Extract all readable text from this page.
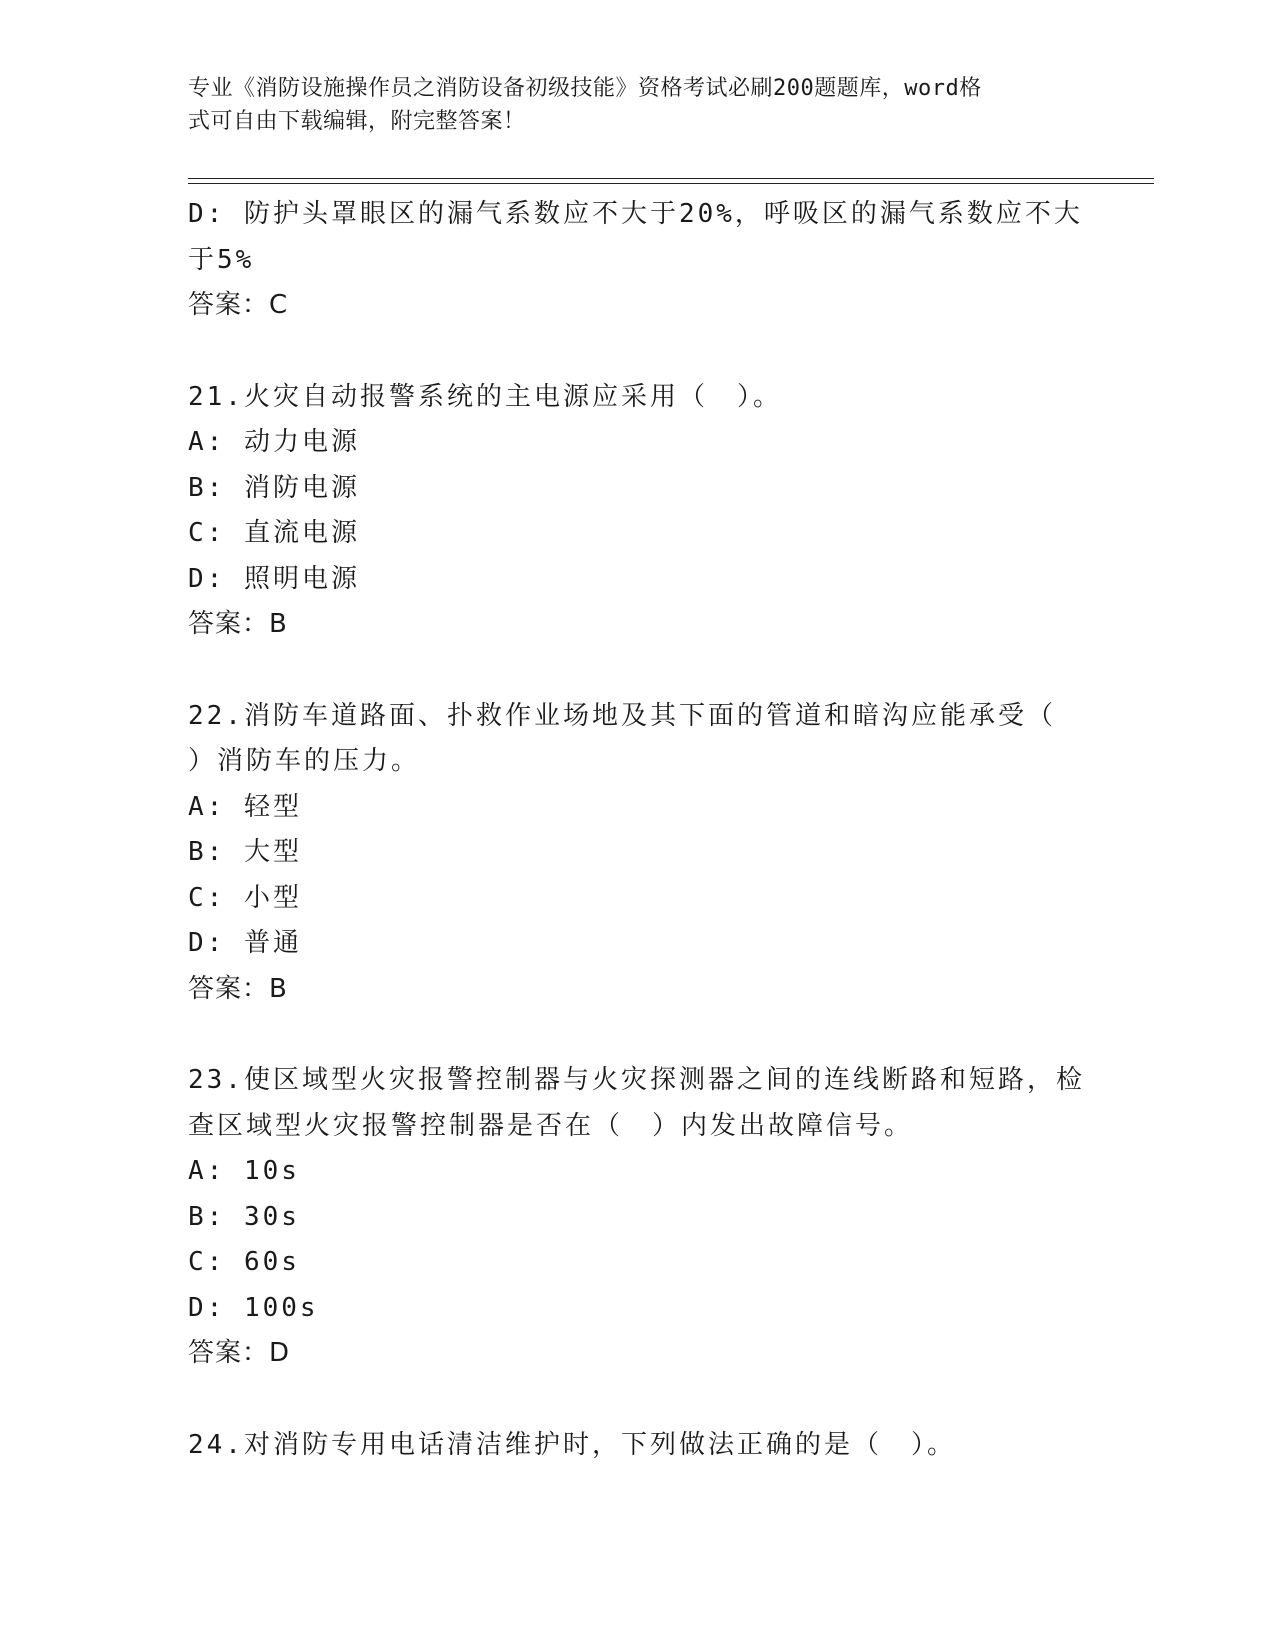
专业《消防设施操作员之消防设备初级技能》资格考试必刷200题题库，word格
式可自由下载编辑，附完整答案！
D: 防护头罩眼区的漏气系数应不大于20%，呼吸区的漏气系数应不大
于5%
答案：C
21.火灾自动报警系统的主电源应采用（　）。
A: 动力电源
B: 消防电源
C: 直流电源
D: 照明电源
答案：B
22.消防车道路面、扑救作业场地及其下面的管道和暗沟应能承受（
）消防车的压力。
A: 轻型
B: 大型
C: 小型
D: 普通
答案：B
23.使区域型火灾报警控制器与火灾探测器之间的连线断路和短路，检
查区域型火灾报警控制器是否在（　）内发出故障信号。
A: 10s
B: 30s
C: 60s
D: 100s
答案：D
24.对消防专用电话清洁维护时，下列做法正确的是（　）。
